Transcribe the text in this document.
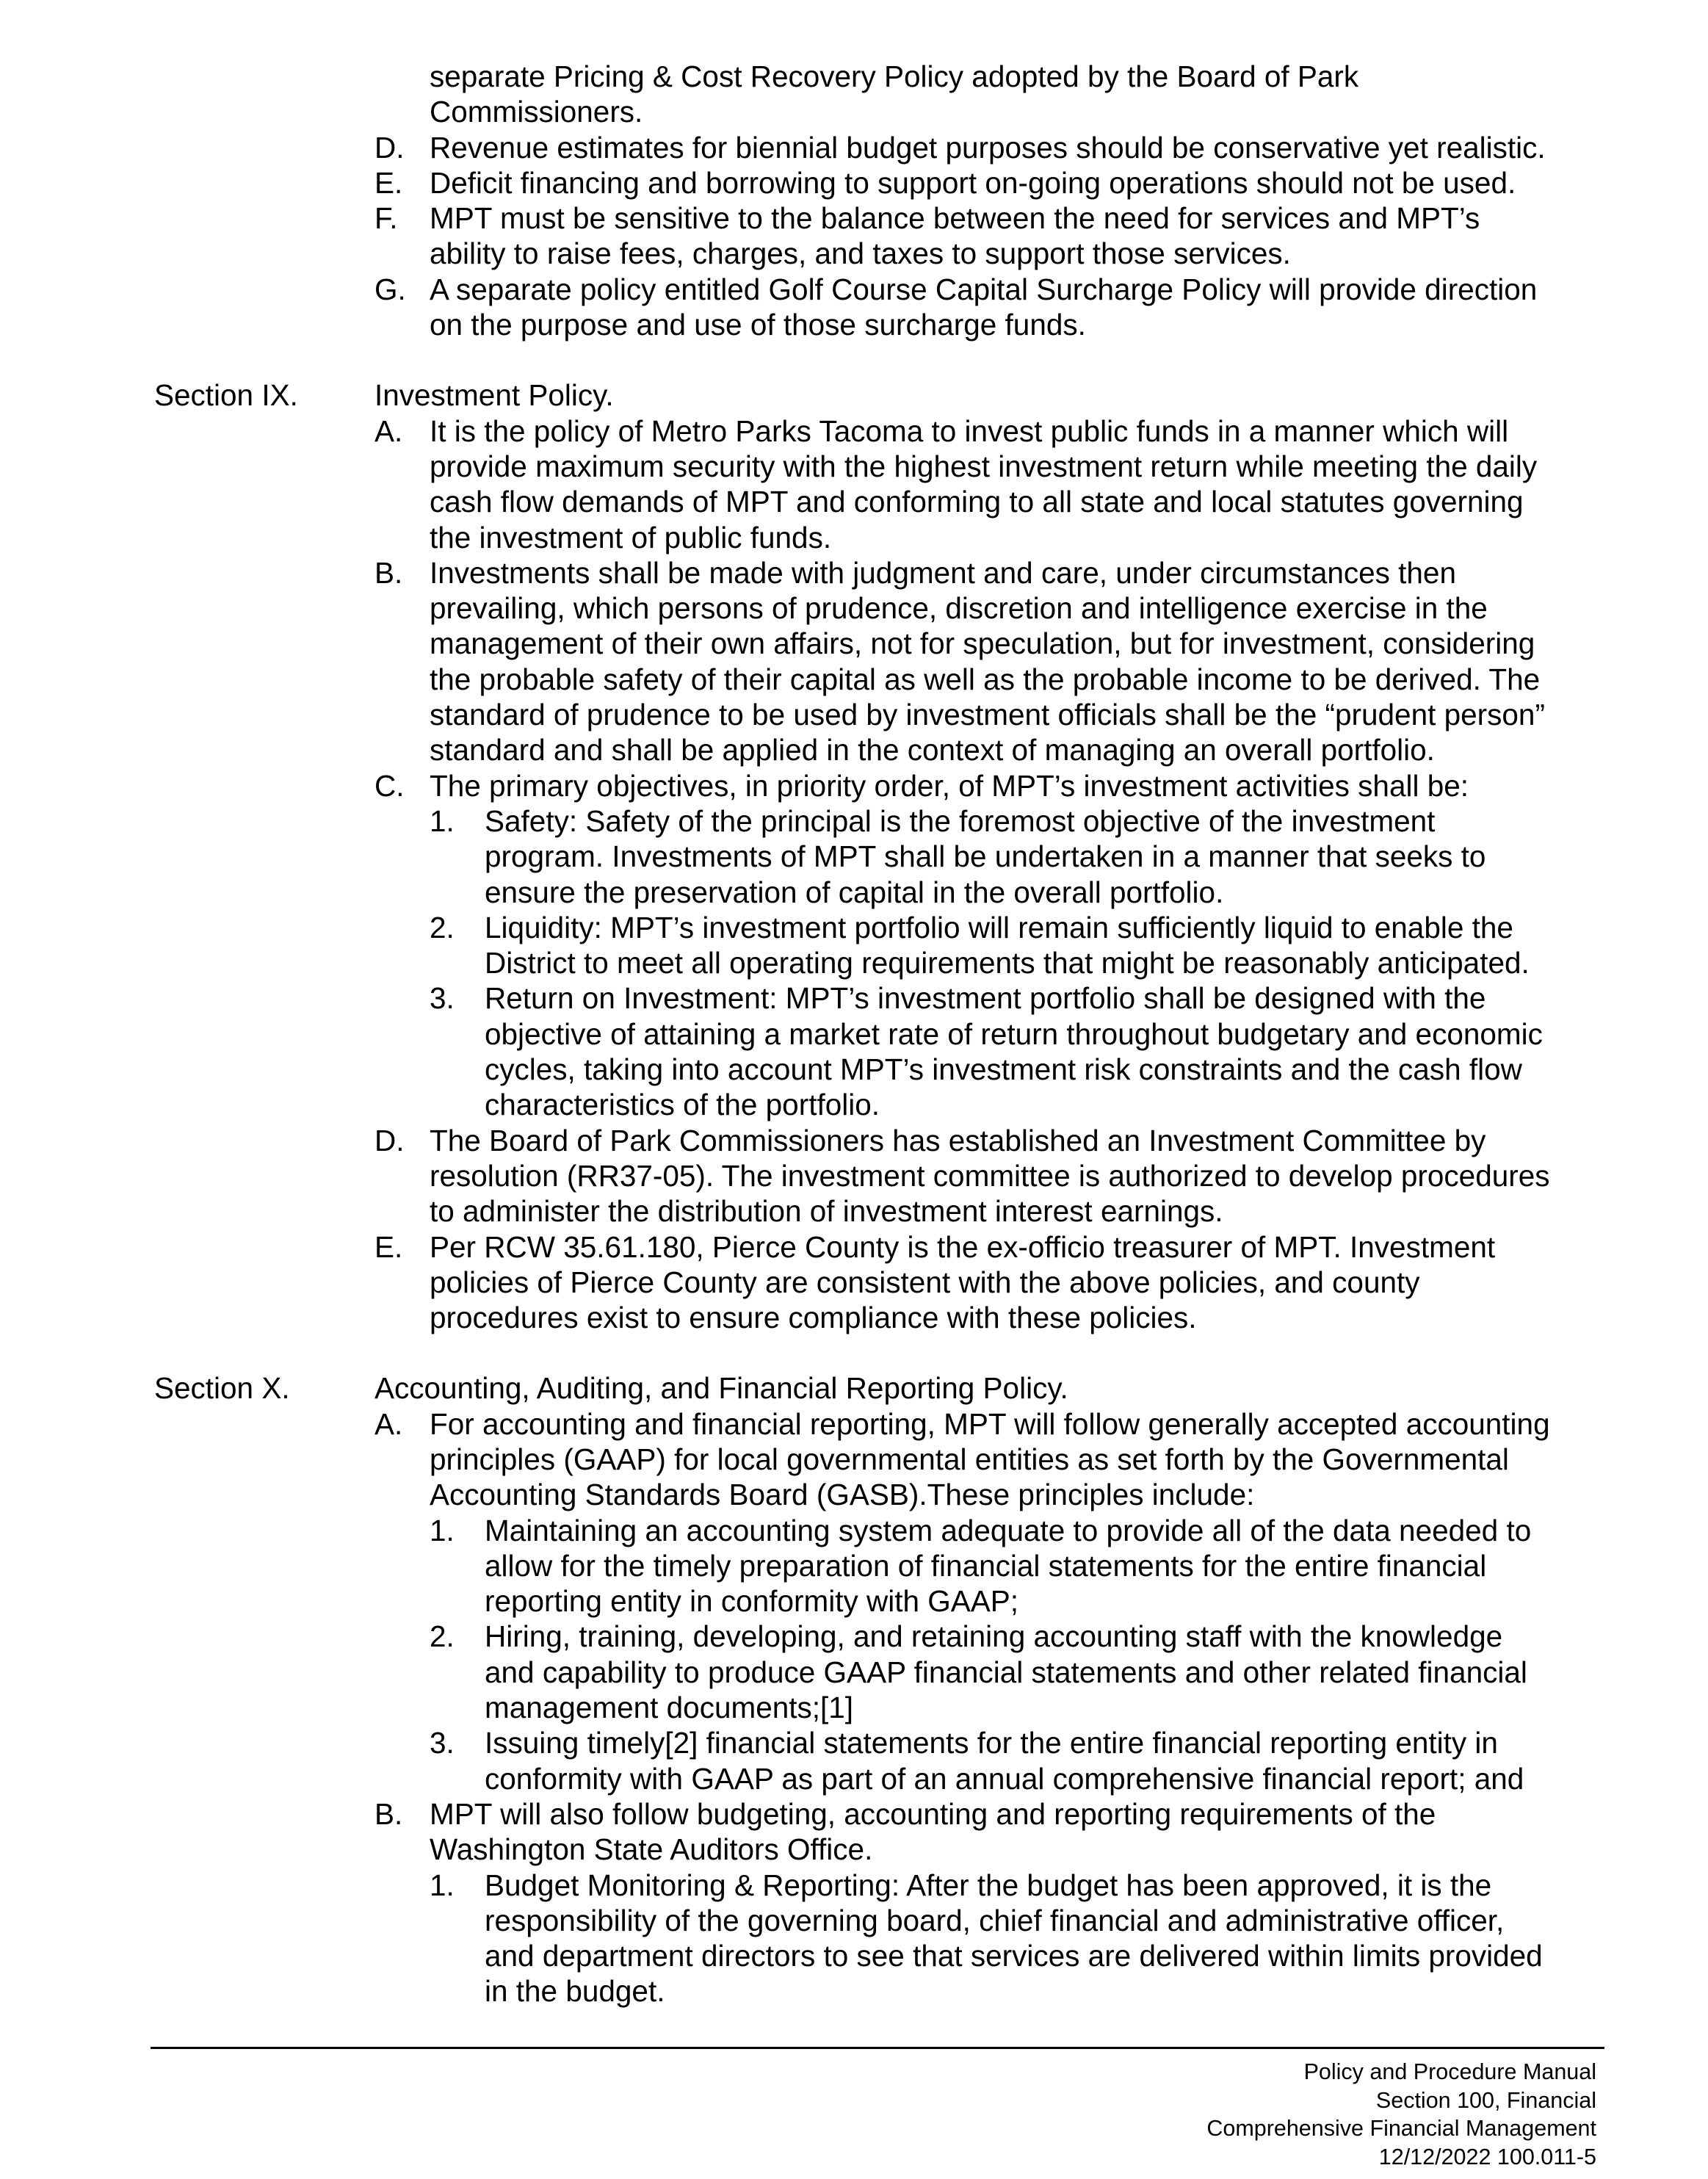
separate Pricing & Cost Recovery Policy adopted by the Board of Park
Commissioners.
D. Revenue estimates for biennial budget purposes should be conservative yet realistic.
E. Deficit financing and borrowing to support on-going operations should not be used.
F. MPT must be sensitive to the balance between the need for services and MPT’s
ability to raise fees, charges, and taxes to support those services.
G. A separate policy entitled Golf Course Capital Surcharge Policy will provide direction
on the purpose and use of those surcharge funds.
Section IX.	Investment Policy.
A. It is the policy of Metro Parks Tacoma to invest public funds in a manner which will
provide maximum security with the highest investment return while meeting the daily
cash flow demands of MPT and conforming to all state and local statutes governing
the investment of public funds.
B. Investments shall be made with judgment and care, under circumstances then
prevailing, which persons of prudence, discretion and intelligence exercise in the
management of their own affairs, not for speculation, but for investment, considering
the probable safety of their capital as well as the probable income to be derived. The
standard of prudence to be used by investment officials shall be the “prudent person”
standard and shall be applied in the context of managing an overall portfolio.
C. The primary objectives, in priority order, of MPT’s investment activities shall be:
1. Safety: Safety of the principal is the foremost objective of the investment
program. Investments of MPT shall be undertaken in a manner that seeks to
ensure the preservation of capital in the overall portfolio.
2. Liquidity: MPT’s investment portfolio will remain sufficiently liquid to enable the
District to meet all operating requirements that might be reasonably anticipated.
3. Return on Investment: MPT’s investment portfolio shall be designed with the
objective of attaining a market rate of return throughout budgetary and economic
cycles, taking into account MPT’s investment risk constraints and the cash flow
characteristics of the portfolio.
D. The Board of Park Commissioners has established an Investment Committee by
resolution (RR37-05). The investment committee is authorized to develop procedures
to administer the distribution of investment interest earnings.
E. Per RCW 35.61.180, Pierce County is the ex-officio treasurer of MPT. Investment
policies of Pierce County are consistent with the above policies, and county
procedures exist to ensure compliance with these policies.
Section X.	Accounting, Auditing, and Financial Reporting Policy.
A. For accounting and financial reporting, MPT will follow generally accepted accounting
principles (GAAP) for local governmental entities as set forth by the Governmental
Accounting Standards Board (GASB).These principles include:
1. Maintaining an accounting system adequate to provide all of the data needed to
allow for the timely preparation of financial statements for the entire financial
reporting entity in conformity with GAAP;
2. Hiring, training, developing, and retaining accounting staff with the knowledge
and capability to produce GAAP financial statements and other related financial
management documents;[1]
3. Issuing timely[2] financial statements for the entire financial reporting entity in
conformity with GAAP as part of an annual comprehensive financial report; and
B. MPT will also follow budgeting, accounting and reporting requirements of the
Washington State Auditors Office.
1. Budget Monitoring & Reporting: After the budget has been approved, it is the
responsibility of the governing board, chief financial and administrative officer,
and department directors to see that services are delivered within limits provided
in the budget.
Policy and Procedure Manual
Section 100, Financial
Comprehensive Financial Management
12/12/2022 100.011-5
